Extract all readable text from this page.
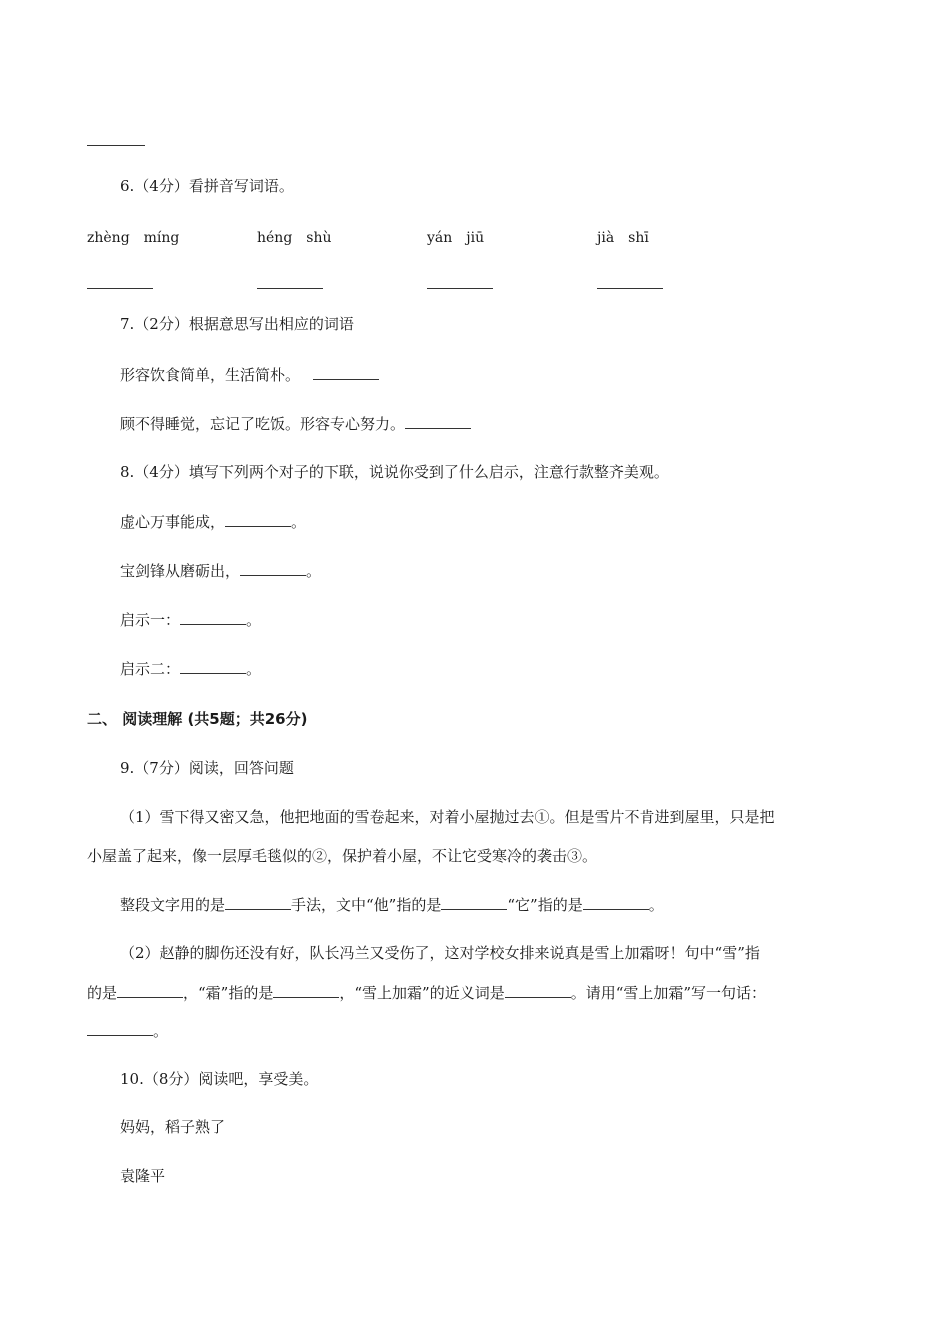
6.（4分）看拼音写词语。
zhèng　míng	héng　shù	yán　jiū	jià　shī
7.（2分）根据意思写出相应的词语
形容饮食简单，生活简朴。
顾不得睡觉，忘记了吃饭。形容专心努力。
8.（4分）填写下列两个对子的下联，说说你受到了什么启示，注意行款整齐美观。
虚心万事能成，	。
宝剑锋从磨砺出，	。
启示一：	。
启示二：	。
二、 阅读理解 (共5题；共26分)
9.（7分）阅读，回答问题
（1）雪下得又密又急，他把地面的雪卷起来，对着小屋抛过去①。但是雪片不肯进到屋里，只是把
小屋盖了起来，像一层厚毛毯似的②，保护着小屋，不让它受寒冷的袭击③。
整段文字用的是	手法，文中“他”指的是	“它”指的是	。
（2）赵静的脚伤还没有好，队长冯兰又受伤了，这对学校女排来说真是雪上加霜呀！句中“雪”指
的是	，“霜”指的是	，“雪上加霜”的近义词是	。请用“雪上加霜”写一句话：
。
10.（8分）阅读吧，享受美。
妈妈，稻子熟了
袁隆平
